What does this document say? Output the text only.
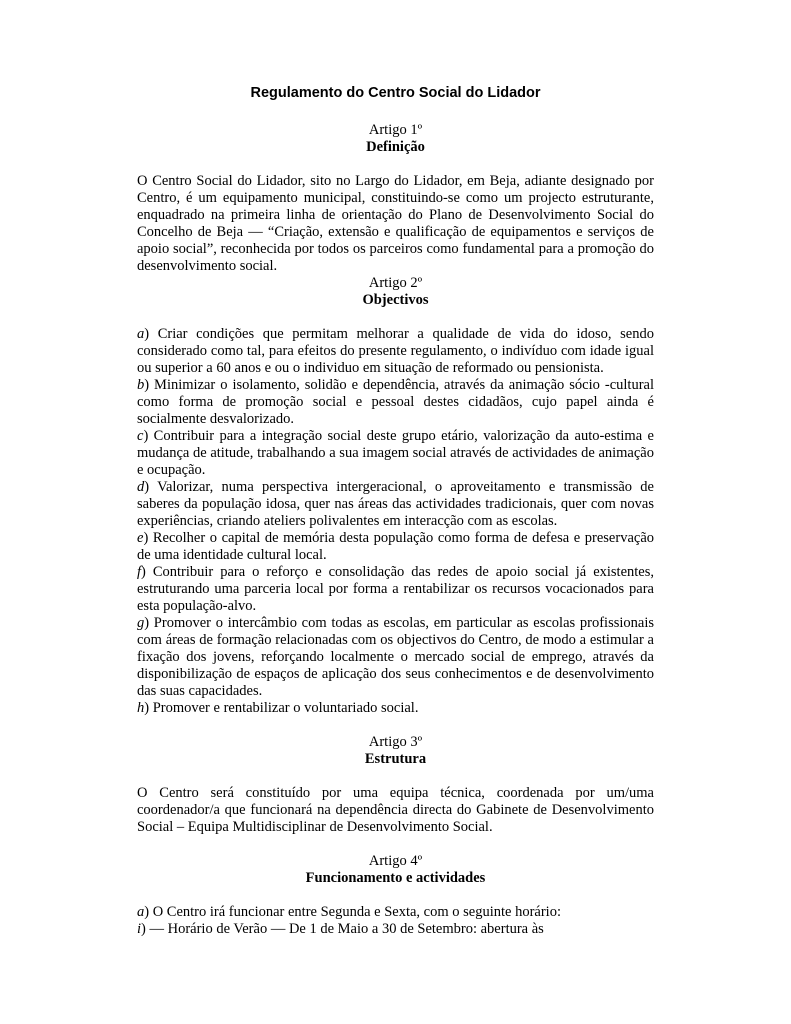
Regulamento do Centro Social do Lidador
Artigo 1º
Definição

O Centro Social do Lidador, sito no Largo do Lidador, em Beja, adiante designado por Centro, é um equipamento municipal, constituindo-se como um projecto estruturante, enquadrado na primeira linha de orientação do Plano de Desenvolvimento Social do Concelho de Beja — “Criação, extensão e qualificação de equipamentos e serviços de apoio social”, reconhecida por todos os parceiros como fundamental para a promoção do desenvolvimento social.

Artigo 2º
Objectivos

a) Criar condições que permitam melhorar a qualidade de vida do idoso, sendo considerado como tal, para efeitos do presente regulamento, o indivíduo com idade igual ou superior a 60 anos e ou o individuo em situação de reformado ou pensionista.

b) Minimizar o isolamento, solidão e dependência, através da animação sócio -cultural como forma de promoção social e pessoal destes cidadãos, cujo papel ainda é socialmente desvalorizado.

c) Contribuir para a integração social deste grupo etário, valorização da auto-estima e mudança de atitude, trabalhando a sua imagem social através de actividades de animação e ocupação.

d) Valorizar, numa perspectiva intergeracional, o aproveitamento e transmissão de saberes da população idosa, quer nas áreas das actividades tradicionais, quer com novas experiências, criando ateliers polivalentes em interacção com as escolas.

e) Recolher o capital de memória desta população como forma de defesa e preservação de uma identidade cultural local.

f) Contribuir para o reforço e consolidação das redes de apoio social já existentes, estruturando uma parceria local por forma a rentabilizar os recursos vocacionados para esta população-alvo.

g) Promover o intercâmbio com todas as escolas, em particular as escolas profissionais com áreas de formação relacionadas com os objectivos do Centro, de modo a estimular a fixação dos jovens, reforçando localmente o mercado social de emprego, através da disponibilização de espaços de aplicação dos seus conhecimentos e de desenvolvimento das suas capacidades.

h) Promover e rentabilizar o voluntariado social.

Artigo 3º
Estrutura

O Centro será constituído por uma equipa técnica, coordenada por um/uma coordenador/a que funcionará na dependência directa do Gabinete de Desenvolvimento Social – Equipa Multidisciplinar de Desenvolvimento Social.

Artigo 4º
Funcionamento e actividades

a) O Centro irá funcionar entre Segunda e Sexta, com o seguinte horário:

i) — Horário de Verão — De 1 de Maio a 30 de Setembro: abertura às
